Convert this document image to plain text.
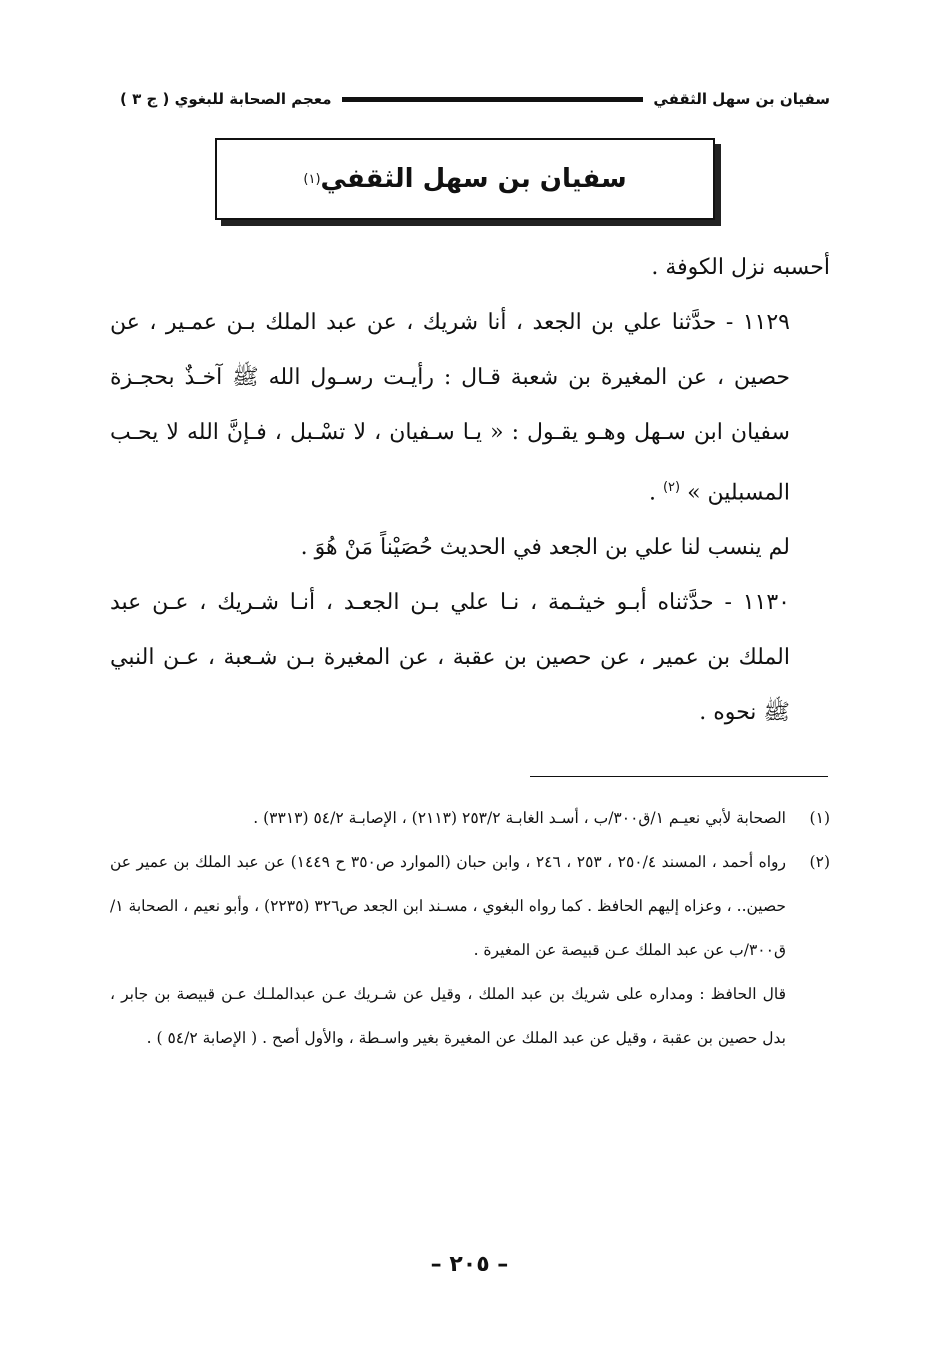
سفيان بن سهل الثقفي
معجم الصحابة للبغوي ( ج ٣ )
سفيان بن سهل الثقفي
(١)

أحسبه نزل الكوفة .

١١٢٩ - حدَّثنا علي بن الجعد ، أنا شريك ، عن عبد الملك بـن عمـير ، عن حصين ، عن المغيرة بن شعبة قـال : رأيـت رسـول الله ﷺ آخـذٌ بحجـزة سفيان ابن سـهل وهـو يقـول : « يـا سـفيان ، لا تسْـبل ، فـإنَّ الله لا يحـب المسبلين » $^{(٢)}$ .

لم ينسب لنا علي بن الجعد في الحديث حُصَيْناً مَنْ هُوَ .

١١٣٠ - حدَّثناه أبـو خيثـمة ، نـا علي بـن الجعـد ، أنـا شـريك ، عـن عبد الملك بن عمير ، عن حصين بن عقبة ، عن المغيرة بـن شـعبة ، عـن النبي ﷺ نحوه .

(١)
الصحابة لأبي نعيـم ١/ق٣٠٠/ب ، أسـد الغابـة ٢٥٣/٢ (٢١١٣) ، الإصابـة ٥٤/٢ (٣٣١٣) .
(٢)
رواه أحمد ، المسند ٢٥٠/٤ ، ٢٥٣ ، ٢٤٦ ، وابن حبان (الموارد ص٣٥٠ ح ١٤٤٩) عن عبد الملك بن عمير عن حصين.. ، وعزاه إليهم الحافظ . كما رواه البغوي ، مسـند ابن الجعد ص٣٢٦ (٢٢٣٥) ، وأبو نعيم ، الصحابة ١/ق٣٠٠/ب عن عبد الملك عـن قبيصة عن المغيرة .

قال الحافظ : ومداره على شريك بن عبد الملك ، وقيل عن شـريك عـن عبدالملـك عـن قبيصة بن جابر ، بدل حصين بن عقبة ، وقيل عن عبد الملك عن المغيرة بغير واسـطة ، والأول أصح . ( الإصابة ٥٤/٢ ) .

– ٢٠٥ –
